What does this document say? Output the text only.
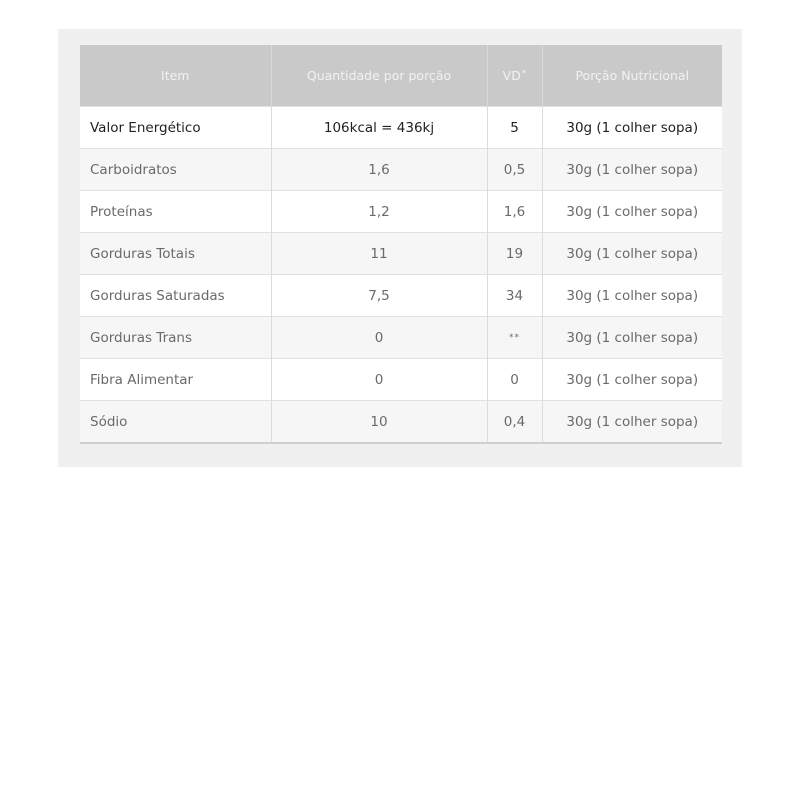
Item	Quantidade por porção	VD*	Porção Nutricional
Valor Energético	106kcal = 436kj	5	30g (1 colher sopa)
Carboidratos	1,6	0,5	30g (1 colher sopa)
Proteínas	1,2	1,6	30g (1 colher sopa)
Gorduras Totais	11	19	30g (1 colher sopa)
Gorduras Saturadas	7,5	34	30g (1 colher sopa)
Gorduras Trans	0	**	30g (1 colher sopa)
Fibra Alimentar	0	0	30g (1 colher sopa)
Sódio	10	0,4	30g (1 colher sopa)
